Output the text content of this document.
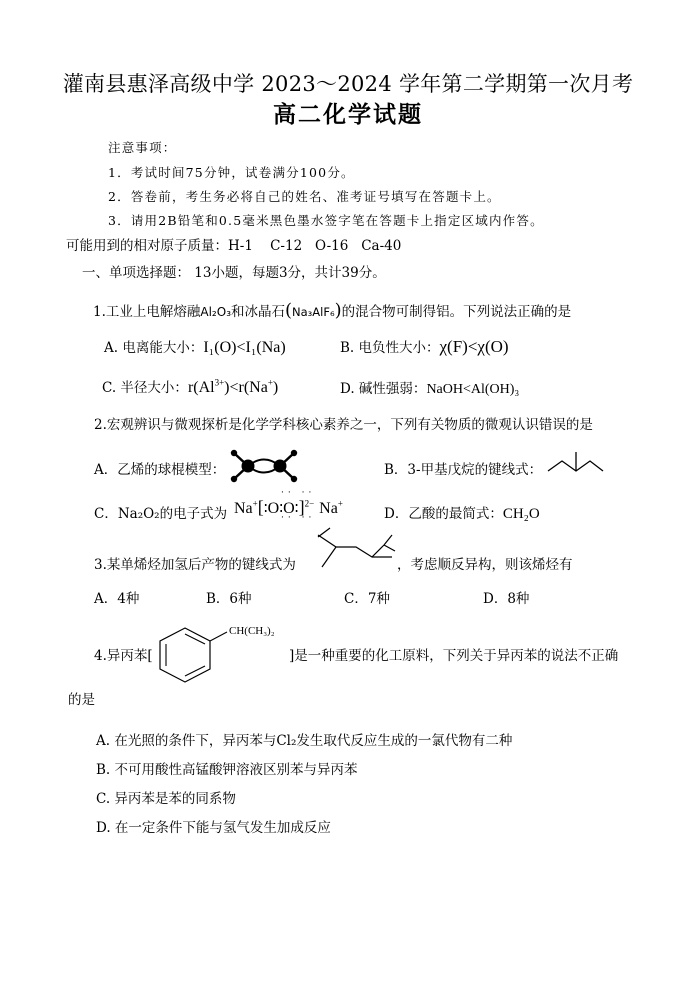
灌南县惠泽高级中学 2023～2024 学年第二学期第一次月考
高二化学试题
注意事项：
1．考试时间75分钟，试卷满分100分。
2．答卷前，考生务必将自己的姓名、准考证号填写在答题卡上。
3．请用2B铅笔和0.5毫米黑色墨水签字笔在答题卡上指定区域内作答。
可能用到的相对原子质量：H-1    C-12   O-16   Ca-40
一、单项选择题： 13小题，每题3分，共计39分。
1.工业上电解熔融Al₂O₃和冰晶石(Na₃AlF₆)的混合物可制得铝。下列说法正确的是
A. 电离能大小：I₁(O)<I₁(Na)	B. 电负性大小：χ(F)<χ(O)
C. 半径大小：$r(Al^{3+})<r(Na^+)$	D. 碱性强弱：NaOH<Al(OH)₃
2.宏观辨识与微观探析是化学学科核心素养之一，下列有关物质的微观认识错误的是
A．乙烯的球棍模型：	B．3-甲基戊烷的键线式：
C．Na₂O₂的电子式为 Na+[∶O∶O∶]$^{2-}$ Na+
·· ··
·· ··	D．乙酸的最简式：CH₂O
3.某单烯烃加氢后产物的键线式为	，考虑顺反异构，则该烯烃有
A．4种	B．6种	C．7种	D．8种
4.异丙苯[
CH(CH₃)₂
]是一种重要的化工原料，下列关于异丙苯的说法不正确
的是
A. 在光照的条件下，异丙苯与Cl₂发生取代反应生成的一氯代物有二种
B. 不可用酸性高锰酸钾溶液区别苯与异丙苯
C. 异丙苯是苯的同系物
D. 在一定条件下能与氢气发生加成反应
